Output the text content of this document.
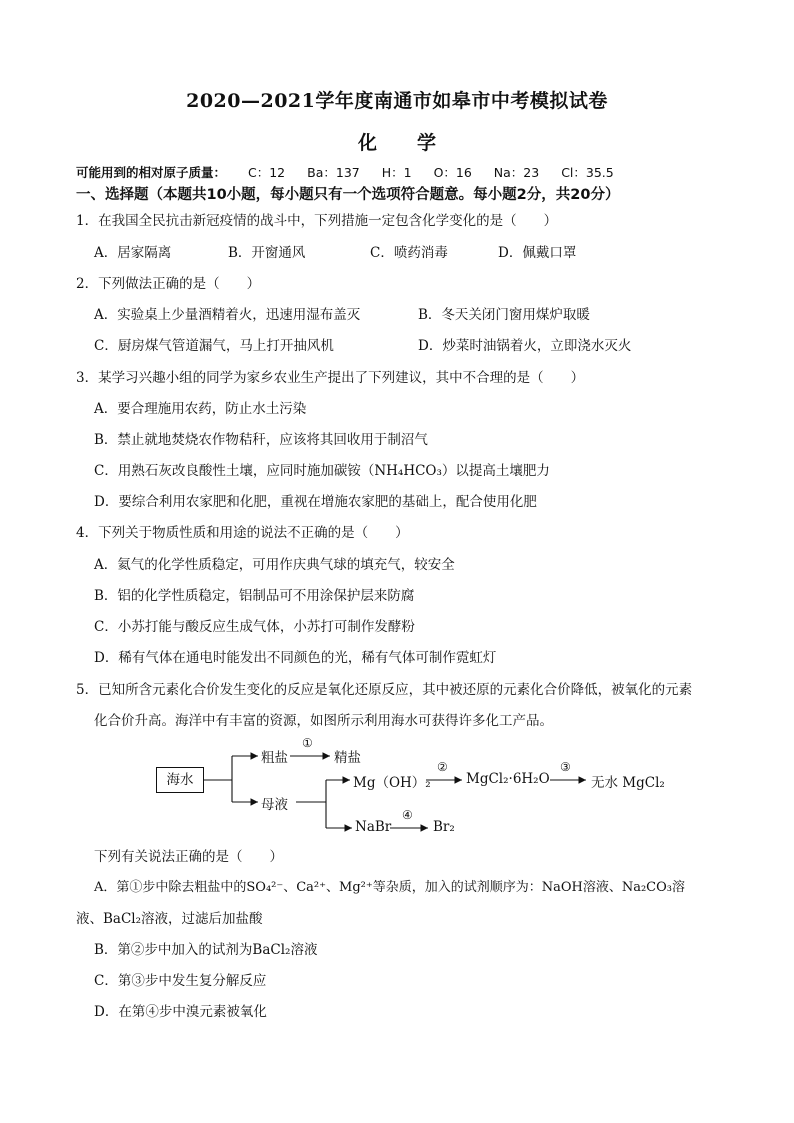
2020—2021学年度南通市如皋市中考模拟试卷
化学
可能用到的相对原子质量： C：12 Ba：137 H：1 O：16 Na：23 Cl：35.5
一、选择题（本题共10小题，每小题只有一个选项符合题意。每小题2分，共20分）
1．在我国全民抗击新冠疫情的战斗中，下列措施一定包含化学变化的是（　　）
A．居家隔离	B．开窗通风	C．喷药消毒	D．佩戴口罩
2．下列做法正确的是（　　）
A．实验桌上少量酒精着火，迅速用湿布盖灭	B．冬天关闭门窗用煤炉取暖
C．厨房煤气管道漏气，马上打开抽风机	D．炒菜时油锅着火，立即浇水灭火
3．某学习兴趣小组的同学为家乡农业生产提出了下列建议，其中不合理的是（　　）
A．要合理施用农药，防止水土污染
B．禁止就地焚烧农作物秸秆，应该将其回收用于制沼气
C．用熟石灰改良酸性土壤，应同时施加碳铵（NH₄HCO₃）以提高土壤肥力
D．要综合利用农家肥和化肥，重视在增施农家肥的基础上，配合使用化肥
4．下列关于物质性质和用途的说法不正确的是（　　）
A．氦气的化学性质稳定，可用作庆典气球的填充气，较安全
B．铝的化学性质稳定，铝制品可不用涂保护层来防腐
C．小苏打能与酸反应生成气体，小苏打可制作发酵粉
D．稀有气体在通电时能发出不同颜色的光，稀有气体可制作霓虹灯
5．已知所含元素化合价发生变化的反应是氧化还原反应，其中被还原的元素化合价降低，被氧化的元素
化合价升高。海洋中有丰富的资源，如图所示利用海水可获得许多化工产品。
海水
粗盐
①
精盐
母液
Mg（OH）₂
②
MgCl₂·6H₂O
③
无水 MgCl₂
NaBr
④
Br₂
下列有关说法正确的是（　　）
A．第①步中除去粗盐中的SO₄²⁻、Ca²⁺、Mg²⁺等杂质，加入的试剂顺序为：NaOH溶液、Na₂CO₃溶
液、BaCl₂溶液，过滤后加盐酸
B．第②步中加入的试剂为BaCl₂溶液
C．第③步中发生复分解反应
D．在第④步中溴元素被氧化
